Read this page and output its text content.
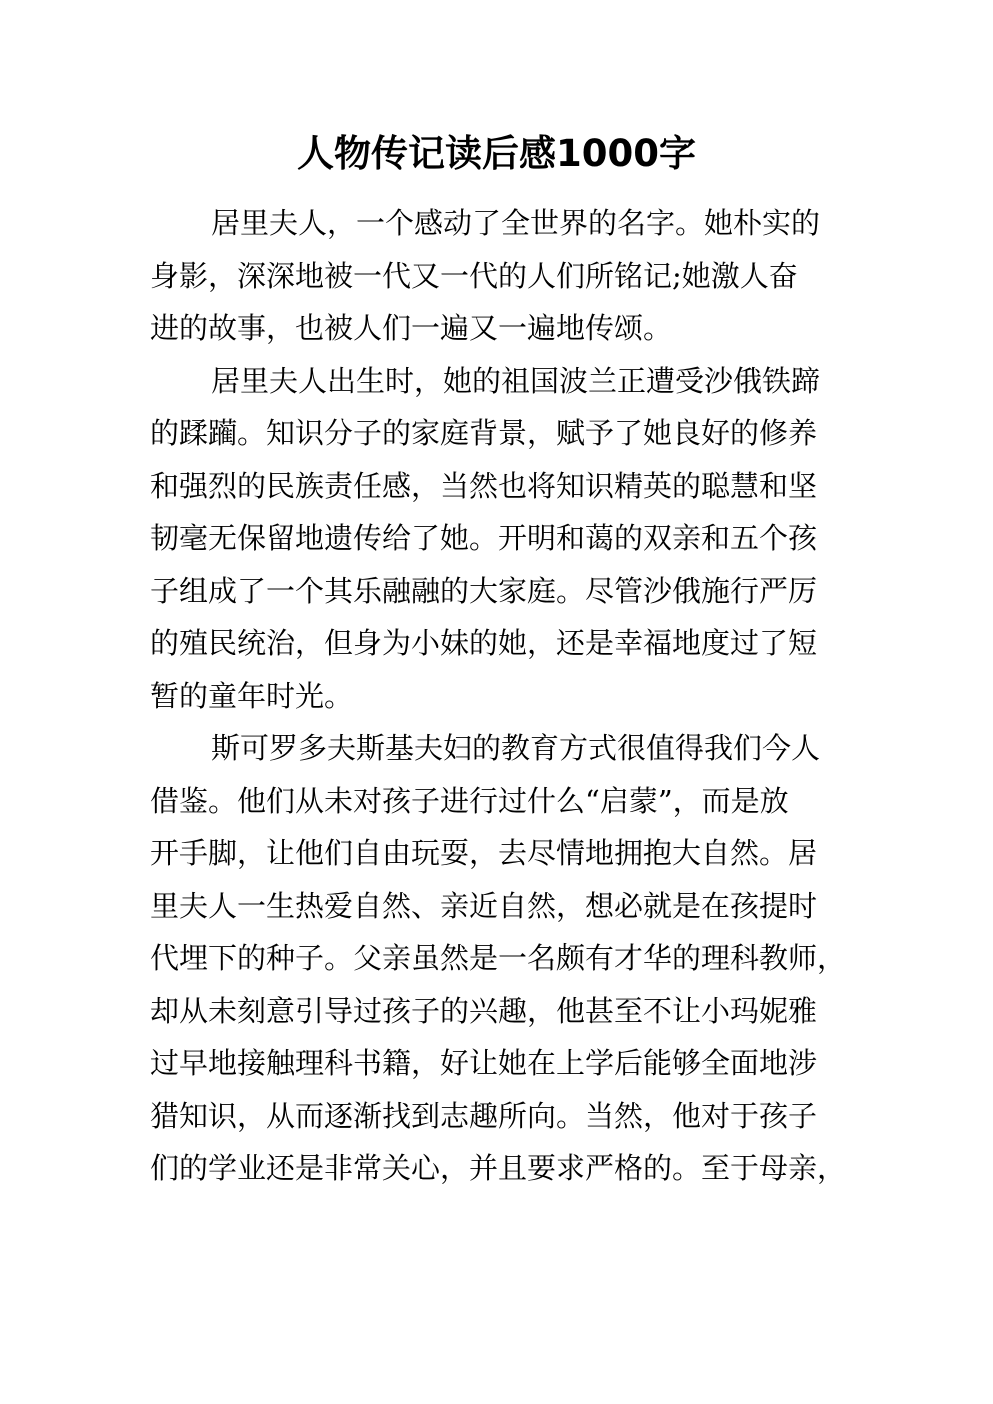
人物传记读后感1000字

居里夫人，一个感动了全世界的名字。她朴实的
身影，深深地被一代又一代的人们所铭记;她激人奋
进的故事，也被人们一遍又一遍地传颂。

居里夫人出生时，她的祖国波兰正遭受沙俄铁蹄
的蹂躏。知识分子的家庭背景，赋予了她良好的修养
和强烈的民族责任感，当然也将知识精英的聪慧和坚
韧毫无保留地遗传给了她。开明和蔼的双亲和五个孩
子组成了一个其乐融融的大家庭。尽管沙俄施行严厉
的殖民统治，但身为小妹的她，还是幸福地度过了短
暂的童年时光。

斯可罗多夫斯基夫妇的教育方式很值得我们今人
借鉴。他们从未对孩子进行过什么“启蒙”，而是放
开手脚，让他们自由玩耍，去尽情地拥抱大自然。居
里夫人一生热爱自然、亲近自然，想必就是在孩提时
代埋下的种子。父亲虽然是一名颇有才华的理科教师，
却从未刻意引导过孩子的兴趣，他甚至不让小玛妮雅
过早地接触理科书籍，好让她在上学后能够全面地涉
猎知识，从而逐渐找到志趣所向。当然，他对于孩子
们的学业还是非常关心，并且要求严格的。至于母亲，
